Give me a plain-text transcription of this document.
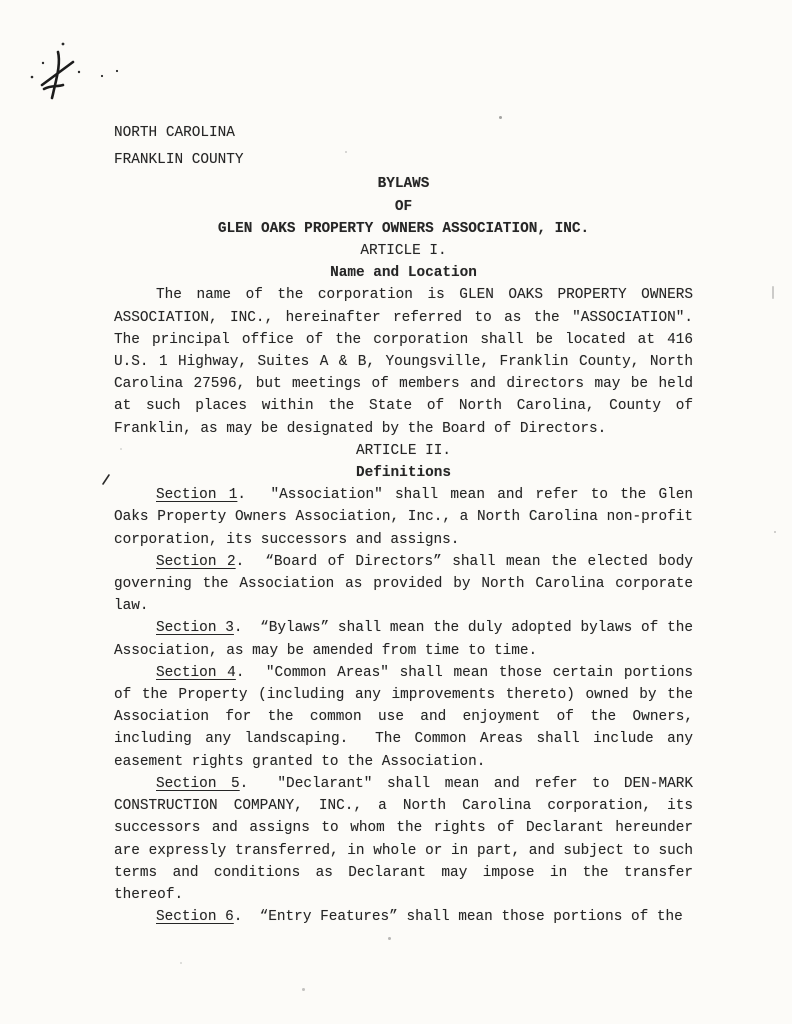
NORTH CAROLINA
FRANKLIN COUNTY
BYLAWS
OF
GLEN OAKS PROPERTY OWNERS ASSOCIATION, INC.
ARTICLE I.
Name and Location

The name of the corporation is GLEN OAKS PROPERTY OWNERS ASSOCIATION, INC., hereinafter referred to as the "ASSOCIATION".  The principal office of the corporation shall be located at 416 U.S. 1 Highway, Suites A & B, Youngsville, Franklin County, North Carolina 27596, but meetings of members and directors may be held at such places within the State of North Carolina, County of Franklin, as may be designated by the Board of Directors.

ARTICLE II.
Definitions

Section 1.  "Association" shall mean and refer to the Glen Oaks Property Owners Association, Inc., a North Carolina non-profit corporation, its successors and assigns.

Section 2.  “Board of Directors” shall mean the elected body governing the Association as provided by North Carolina corporate law.

Section 3.  “Bylaws” shall mean the duly adopted bylaws of the Association, as may be amended from time to time.

Section 4.  "Common Areas" shall mean those certain portions of the Property (including any improvements thereto) owned by the Association for the common use and enjoyment of the Owners, including any landscaping.  The Common Areas shall include any easement rights granted to the Association.

Section 5.  "Declarant" shall mean and refer to DEN-MARK CONSTRUCTION COMPANY, INC., a North Carolina corporation, its successors and assigns to whom the rights of Declarant hereunder are expressly transferred, in whole or in part, and subject to such terms and conditions as Declarant may impose in the transfer thereof.

Section 6.  “Entry Features” shall mean those portions of the
